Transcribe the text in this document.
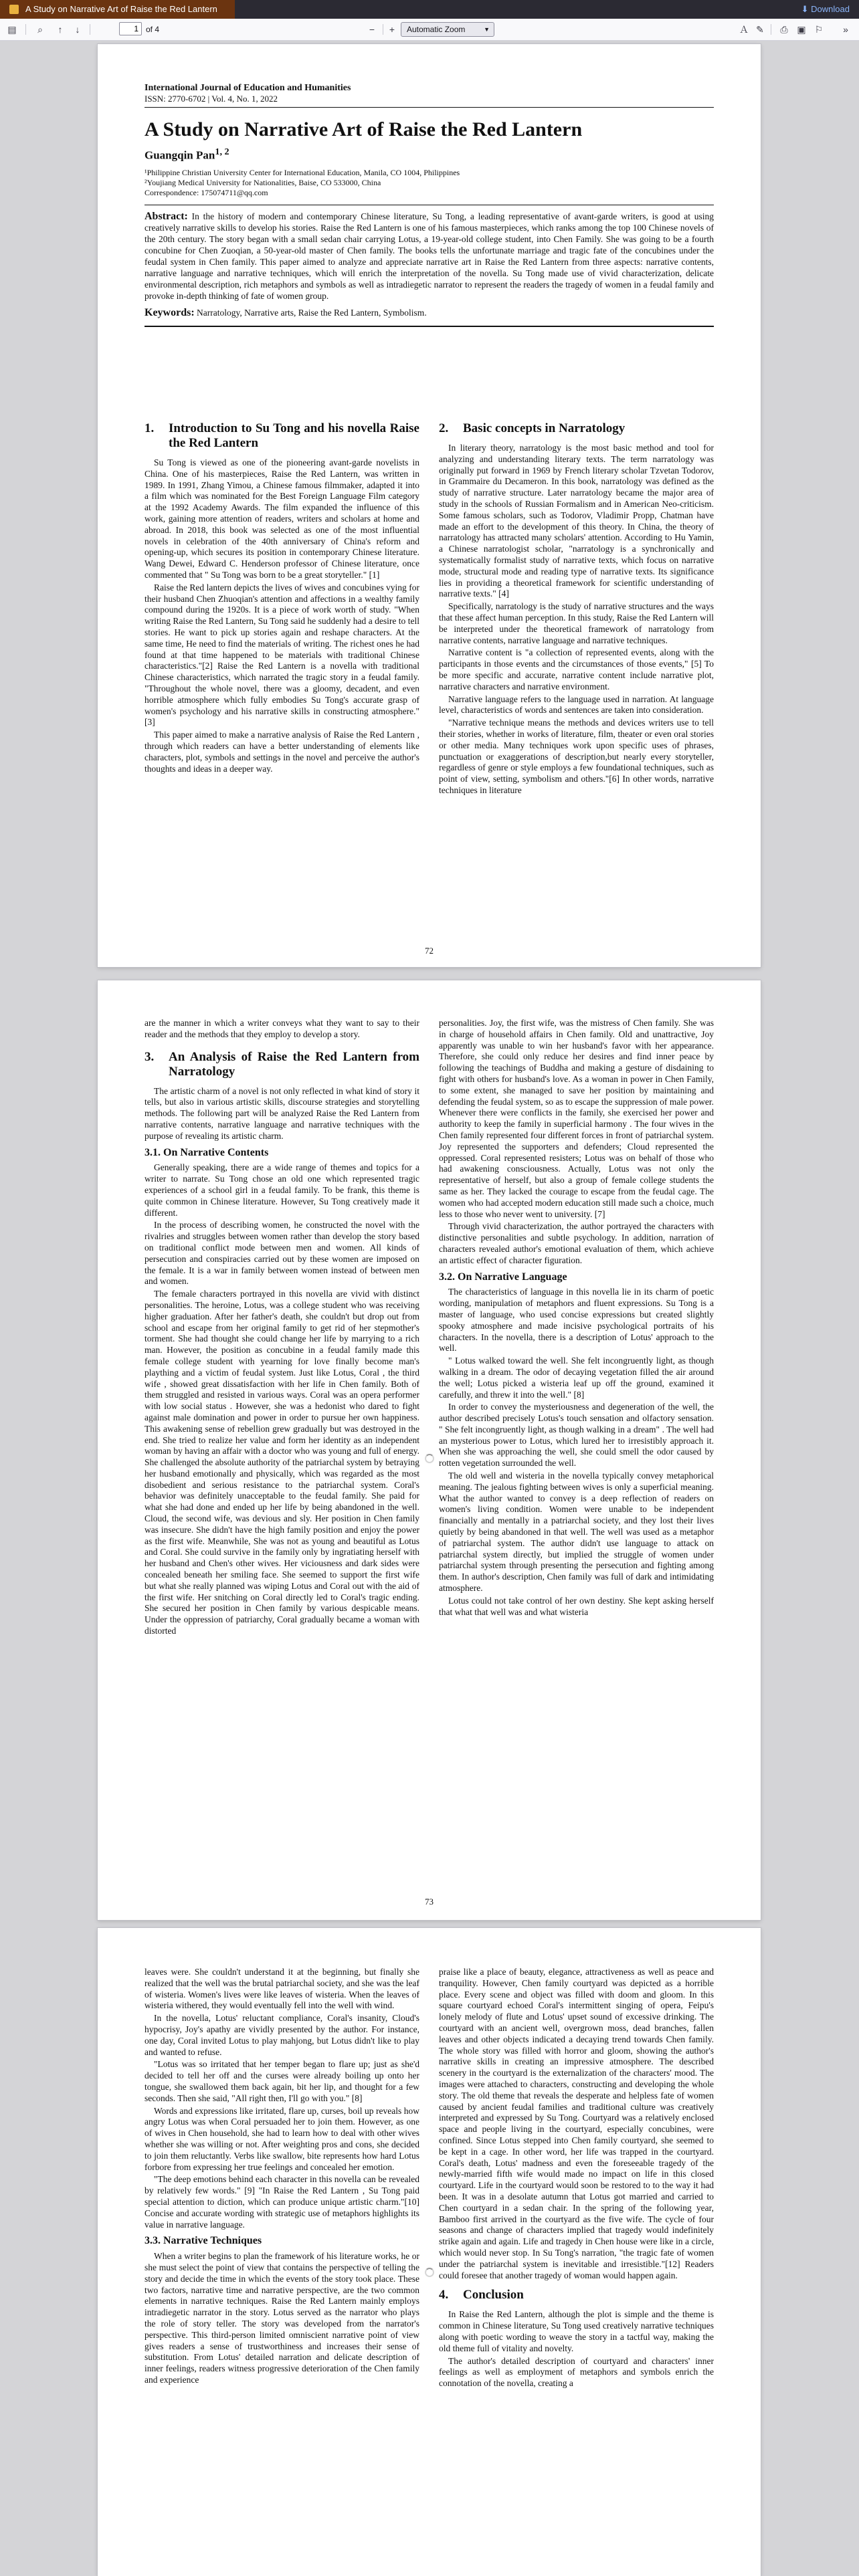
A Study on Narrative Art of Raise the Red Lantern	⬇ Download
▤	⌕	↑	↓
1	of 4	−	+	Automatic Zoom	▼	Ａ ✎	⎙ ▣ ⚐	»
International Journal of Education and Humanities
ISSN: 2770-6702 | Vol. 4, No. 1, 2022
A Study on Narrative Art of Raise the Red Lantern
Guangqin Pan$^{1, 2}$
¹Philippine Christian University Center for International Education, Manila, CO 1004, Philippines
²Youjiang Medical University for Nationalities, Baise, CO 533000, China
Correspondence: 175074711@qq.com
Abstract: In the history of modern and contemporary Chinese literature, Su Tong, a leading representative of avant-garde writers, is good at using creatively narrative skills to develop his stories. Raise the Red Lantern is one of his famous masterpieces, which ranks among the top 100 Chinese novels of the 20th century. The story began with a small sedan chair carrying Lotus, a 19-year-old college student, into Chen Family. She was going to be a fourth concubine for Chen Zuoqian, a 50-year-old master of Chen family. The books tells the unfortunate marriage and tragic fate of the concubines under the feudal system in Chen family. This paper aimed to analyze and appreciate narrative art in Raise the Red Lantern from three aspects: narrative contents, narrative language and narrative techniques, which will enrich the interpretation of the novella. Su Tong made use of vivid characterization, delicate environmental description, rich metaphors and symbols as well as intradiegetic narrator to represent the readers the tragedy of women in a feudal family and provoke in-depth thinking of fate of women group.
Keywords: Narratology, Narrative arts, Raise the Red Lantern, Symbolism.
1.	Introduction to Su Tong and his novella Raise the Red Lantern

Su Tong is viewed as one of the pioneering avant-garde novelists in China. One of his masterpieces, Raise the Red Lantern, was written in 1989. In 1991, Zhang Yimou, a Chinese famous filmmaker, adapted it into a film which was nominated for the Best Foreign Language Film category at the 1992 Academy Awards. The film expanded the influence of this work, gaining more attention of readers, writers and scholars at home and abroad. In 2018, this book was selected as one of the most influential novels in celebration of the 40th anniversary of China's reform and opening-up, which secures its position in contemporary Chinese literature. Wang Dewei, Edward C. Henderson professor of Chinese literature, once commented that " Su Tong was born to be a great storyteller." [1]

Raise the Red lantern depicts the lives of wives and concubines vying for their husband Chen Zhuoqian's attention and affections in a wealthy family compound during the 1920s. It is a piece of work worth of study. "When writing Raise the Red Lantern, Su Tong said he suddenly had a desire to tell stories. He want to pick up stories again and reshape characters. At the same time, He need to find the materials of writing. The richest ones he had found at that time happened to be materials with traditional Chinese characteristics."[2] Raise the Red Lantern is a novella with traditional Chinese characteristics, which narrated the tragic story in a feudal family. "Throughout the whole novel, there was a gloomy, decadent, and even horrible atmosphere which fully embodies Su Tong's accurate grasp of women's psychology and his narrative skills in constructing atmosphere." [3]

This paper aimed to make a narrative analysis of Raise the Red Lantern , through which readers can have a better understanding of elements like characters, plot, symbols and settings in the novel and perceive the author's thoughts and ideas in a deeper way.

2.	Basic concepts in Narratology

In literary theory, narratology is the most basic method and tool for analyzing and understanding literary texts. The term narratology was originally put forward in 1969 by French literary scholar Tzvetan Todorov, in Grammaire du Decameron. In this book, narratology was defined as the study of narrative structure. Later narratology became the major area of study in the schools of Russian Formalism and in American Neo-criticism. Some famous scholars, such as Todorov, Vladimir Propp, Chatman have made an effort to the development of this theory. In China, the theory of narratology has attracted many scholars' attention. According to Hu Yamin, a Chinese narratologist scholar, "narratology is a synchronically and systematically formalist study of narrative texts, which focus on narrative mode, structural mode and reading type of narrative texts. Its significance lies in providing a theoretical framework for scientific understanding of narrative texts." [4]

Specifically, narratology is the study of narrative structures and the ways that these affect human perception. In this study, Raise the Red Lantern will be interpreted under the theoretical framework of narratology from narrative contents, narrative language and narrative techniques.

Narrative content is "a collection of represented events, along with the participants in those events and the circumstances of those events," [5] To be more specific and accurate, narrative content include narrative plot, narrative characters and narrative environment.

Narrative language refers to the language used in narration. At language level, characteristics of words and sentences are taken into consideration.

"Narrative technique means the methods and devices writers use to tell their stories, whether in works of literature, film, theater or even oral stories or other media. Many techniques work upon specific uses of phrases, punctuation or exaggerations of description,but nearly every storyteller, regardless of genre or style employs a few foundational techniques, such as point of view, setting, symbolism and others."[6] In other words, narrative techniques in literature

72

are the manner in which a writer conveys what they want to say to their reader and the methods that they employ to develop a story.

3.	An Analysis of Raise the Red Lantern from Narratology

The artistic charm of a novel is not only reflected in what kind of story it tells, but also in various artistic skills, discourse strategies and storytelling methods. The following part will be analyzed Raise the Red Lantern from narrative contents, narrative language and narrative techniques with the purpose of revealing its artistic charm.

3.1. On Narrative Contents

Generally speaking, there are a wide range of themes and topics for a writer to narrate. Su Tong chose an old one which represented tragic experiences of a school girl in a feudal family. To be frank, this theme is quite common in Chinese literature. However, Su Tong creatively made it different.

In the process of describing women, he constructed the novel with the rivalries and struggles between women rather than develop the story based on traditional conflict mode between men and women. All kinds of persecution and conspiracies carried out by these women are imposed on the female. It is a war in family between women instead of between men and women.

The female characters portrayed in this novella are vivid with distinct personalities. The heroine, Lotus, was a college student who was receiving higher graduation. After her father's death, she couldn't but drop out from school and escape from her original family to get rid of her stepmother's torment. She had thought she could change her life by marrying to a rich man. However, the position as concubine in a feudal family made this female college student with yearning for love finally become man's plaything and a victim of feudal system. Just like Lotus, Coral , the third wife , showed great dissatisfaction with her life in Chen family. Both of them struggled and resisted in various ways. Coral was an opera performer with low social status . However, she was a hedonist who dared to fight against male domination and power in order to pursue her own happiness. This awakening sense of rebellion grew gradually but was destroyed in the end. She tried to realize her value and form her identity as an independent woman by having an affair with a doctor who was young and full of energy. She challenged the absolute authority of the patriarchal system by betraying her husband emotionally and physically, which was regarded as the most disobedient and serious resistance to the patriarchal system. Coral's behavior was definitely unacceptable to the feudal family. She paid for what she had done and ended up her life by being abandoned in the well. Cloud, the second wife, was devious and sly. Her position in Chen family was insecure. She didn't have the high family position and enjoy the power as the first wife. Meanwhile, She was not as young and beautiful as Lotus and Coral. She could survive in the family only by ingratiating herself with her husband and Chen's other wives. Her viciousness and dark sides were concealed beneath her smiling face. She seemed to support the first wife but what she really planned was wiping Lotus and Coral out with the aid of the first wife. Her snitching on Coral directly led to Coral's tragic ending. She secured her position in Chen family by various despicable means. Under the oppression of patriarchy, Coral gradually became a woman with distorted

personalities. Joy, the first wife, was the mistress of Chen family. She was in charge of household affairs in Chen family. Old and unattractive, Joy apparently was unable to win her husband's favor with her appearance. Therefore, she could only reduce her desires and find inner peace by following the teachings of Buddha and making a gesture of disdaining to fight with others for husband's love. As a woman in power in Chen Family, to some extent, she managed to save her position by maintaining and defending the feudal system, so as to escape the suppression of male power. Whenever there were conflicts in the family, she exercised her power and authority to keep the family in superficial harmony . The four wives in the Chen family represented four different forces in front of patriarchal system. Joy represented the supporters and defenders; Cloud represented the oppressed. Coral represented resisters; Lotus was on behalf of those who had awakening consciousness. Actually, Lotus was not only the representative of herself, but also a group of female college students the same as her. They lacked the courage to escape from the feudal cage. The women who had accepted modern education still made such a choice, much less to those who never went to university. [7]

Through vivid characterization, the author portrayed the characters with distinctive personalities and subtle psychology. In addition, narration of characters revealed author's emotional evaluation of them, which achieve an artistic effect of character figuration.

3.2. On Narrative Language

The characteristics of language in this novella lie in its charm of poetic wording, manipulation of metaphors and fluent expressions. Su Tong is a master of language, who used concise expressions but created slightly spooky atmosphere and made incisive psychological portraits of his characters. In the novella, there is a description of Lotus' approach to the well.

" Lotus walked toward the well. She felt incongruently light, as though walking in a dream. The odor of decaying vegetation filled the air around the well; Lotus picked a wisteria leaf up off the ground, examined it carefully, and threw it into the well." [8]

In order to convey the mysteriousness and degeneration of the well, the author described precisely Lotus's touch sensation and olfactory sensation. " She felt incongruently light, as though walking in a dream" . The well had an mysterious power to Lotus, which lured her to irresistibly approach it. When she was approaching the well, she could smell the odor caused by rotten vegetation surrounded the well.

The old well and wisteria in the novella typically convey metaphorical meaning. The jealous fighting between wives is only a superficial meaning. What the author wanted to convey is a deep reflection of readers on women's living condition. Women were unable to be independent financially and mentally in a patriarchal society, and they lost their lives quietly by being abandoned in that well. The well was used as a metaphor of patriarchal system. The author didn't use language to attack on patriarchal system directly, but implied the struggle of women under patriarchal system through presenting the persecution and fighting among them. In author's description, Chen family was full of dark and intimidating atmosphere.

Lotus could not take control of her own destiny. She kept asking herself that what that well was and what wisteria

73

leaves were. She couldn't understand it at the beginning, but finally she realized that the well was the brutal patriarchal society, and she was the leaf of wisteria. Women's lives were like leaves of wisteria. When the leaves of wisteria withered, they would eventually fell into the well with wind.

In the novella, Lotus' reluctant compliance, Coral's insanity, Cloud's hypocrisy, Joy's apathy are vividly presented by the author. For instance, one day, Coral invited Lotus to play mahjong, but Lotus didn't like to play and wanted to refuse.

"Lotus was so irritated that her temper began to flare up; just as she'd decided to tell her off and the curses were already boiling up onto her tongue, she swallowed them back again, bit her lip, and thought for a few seconds. Then she said, "All right then, I'll go with you." [8]

Words and expressions like irritated, flare up, curses, boil up reveals how angry Lotus was when Coral persuaded her to join them. However, as one of wives in Chen household, she had to learn how to deal with other wives whether she was willing or not. After weighting pros and cons, she decided to join them reluctantly. Verbs like swallow, bite represents how hard Lotus forbore from expressing her true feelings and concealed her emotion.

"The deep emotions behind each character in this novella can be revealed by relatively few words." [9] "In Raise the Red Lantern , Su Tong paid special attention to diction, which can produce unique artistic charm."[10] Concise and accurate wording with strategic use of metaphors highlights its value in narrative language.

3.3. Narrative Techniques

When a writer begins to plan the framework of his literature works, he or she must select the point of view that contains the perspective of telling the story and decide the time in which the events of the story took place. These two factors, narrative time and narrative perspective, are the two common elements in narrative techniques. Raise the Red Lantern mainly employs intradiegetic narrator in the story. Lotus served as the narrator who plays the role of story teller. The story was developed from the narrator's perspective. This third-person limited omniscient narrative point of view gives readers a sense of trustworthiness and increases their sense of substitution. From Lotus' detailed narration and delicate description of inner feelings, readers witness progressive deterioration of the Chen family and experience

praise like a place of beauty, elegance, attractiveness as well as peace and tranquility. However, Chen family courtyard was depicted as a horrible place. Every scene and object was filled with doom and gloom. In this square courtyard echoed Coral's intermittent singing of opera, Feipu's lonely melody of flute and Lotus' upset sound of excessive drinking. The courtyard with an ancient well, overgrown moss, dead branches, fallen leaves and other objects indicated a decaying trend towards Chen family. The whole story was filled with horror and gloom, showing the author's narrative skills in creating an impressive atmosphere. The described scenery in the courtyard is the externalization of the characters' mood. The images were attached to characters, constructing and developing the whole story. The old theme that reveals the desperate and helpless fate of women caused by ancient feudal families and traditional culture was creatively interpreted and expressed by Su Tong. Courtyard was a relatively enclosed space and people living in the courtyard, especially concubines, were confined. Since Lotus stepped into Chen family courtyard, she seemed to be kept in a cage. In other word, her life was trapped in the courtyard. Coral's death, Lotus' madness and even the foreseeable tragedy of the newly-married fifth wife would made no impact on life in this closed courtyard. Life in the courtyard would soon be restored to to the way it had been. It was in a desolate autumn that Lotus got married and carried to Chen courtyard in a sedan chair. In the spring of the following year, Bamboo first arrived in the courtyard as the five wife. The cycle of four seasons and change of characters implied that tragedy would indefinitely strike again and again. Life and tragedy in Chen house were like in a circle, which would never stop. In Su Tong's narration, "the tragic fate of women under the patriarchal system is inevitable and irresistible."[12] Readers could foresee that another tragedy of woman would happen again.

4.	Conclusion

In Raise the Red Lantern, although the plot is simple and the theme is common in Chinese literature, Su Tong used creatively narrative techniques along with poetic wording to weave the story in a tactful way, making the old theme full of vitality and novelty.

The author's detailed description of courtyard and characters' inner feelings as well as employment of metaphors and symbols enrich the connotation of the novella, creating a
